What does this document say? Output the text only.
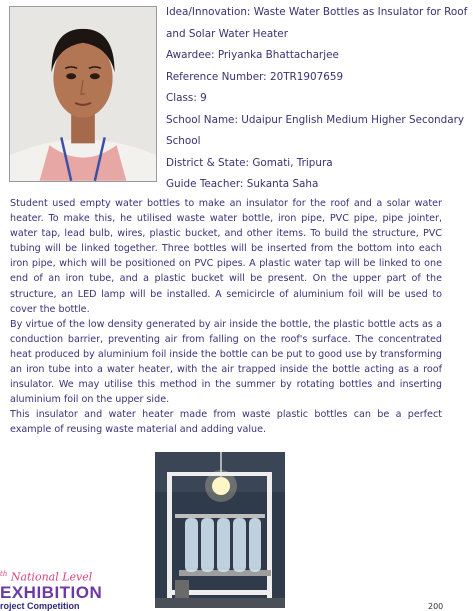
Idea/Innovation: Waste Water Bottles as Insulator for Roof and Solar Water Heater
Awardee: Priyanka Bhattacharjee
Reference Number: 20TR1907659
Class: 9
School Name: Udaipur English Medium Higher Secondary School
District & State: Gomati, Tripura
Guide Teacher: Sukanta Saha

Student used empty water bottles to make an insulator for the roof and a solar water heater. To make this, he utilised waste water bottle, iron pipe, PVC pipe, pipe jointer, water tap, lead bulb, wires, plastic bucket, and other items. To build the structure, PVC tubing will be linked together. Three bottles will be inserted from the bottom into each iron pipe, which will be positioned on PVC pipes. A plastic water tap will be linked to one end of an iron tube, and a plastic bucket will be present. On the upper part of the structure, an LED lamp will be installed. A semicircle of aluminium foil will be used to cover the bottle.

By virtue of the low density generated by air inside the bottle, the plastic bottle acts as a conduction barrier, preventing air from falling on the roof's surface. The concentrated heat produced by aluminium foil inside the bottle can be put to good use by transforming an iron tube into a water heater, with the air trapped inside the bottle acting as a roof insulator. We may utilise this method in the summer by rotating bottles and inserting aluminium foil on the upper side.

This insulator and water heater made from waste plastic bottles can be a perfect example of reusing waste material and adding value.

$^{th}$ National Level
EXHIBITION
roject Competition	200
